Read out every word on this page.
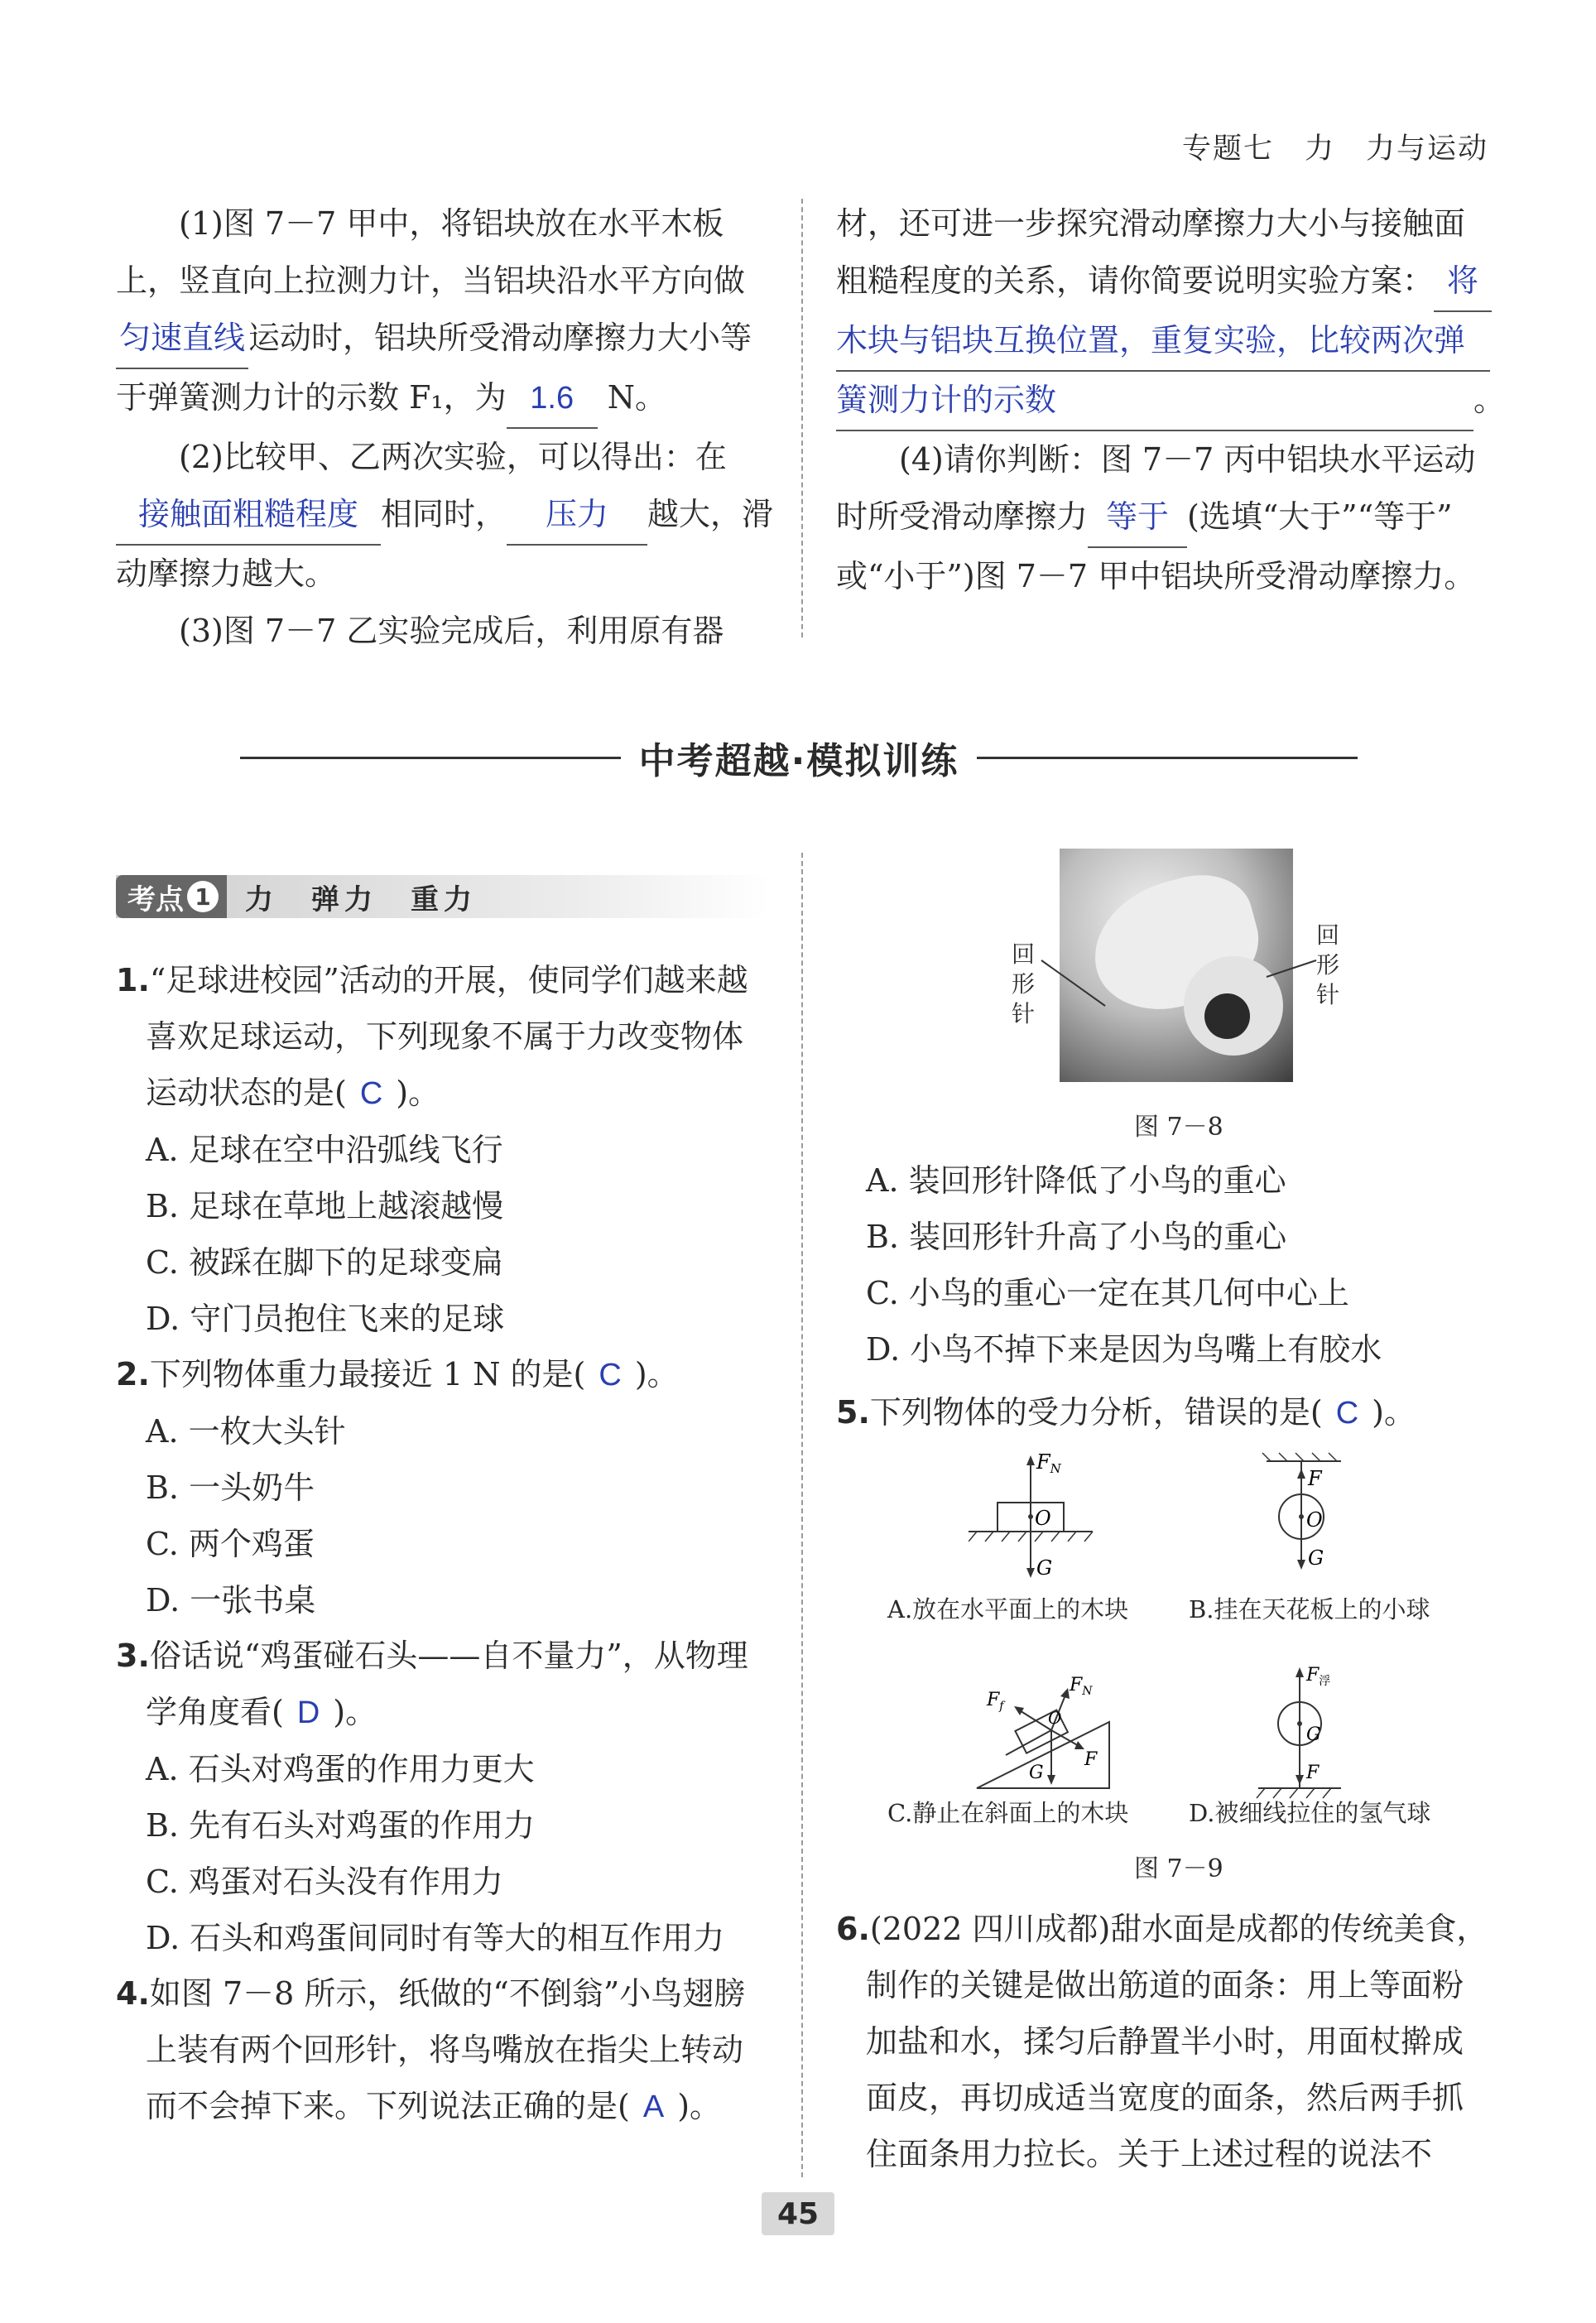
专题七　力　力与运动
(1)图 7－7 甲中，将铝块放在水平木板
上，竖直向上拉测力计，当铝块沿水平方向做
匀速直线 运动时，铝块所受滑动摩擦力大小等
于弹簧测力计的示数 F₁，为 1.6 N。
(2)比较甲、乙两次实验，可以得出：在
接触面粗糙程度 相同时， 压力 越大，滑
动摩擦力越大。
(3)图 7－7 乙实验完成后，利用原有器
材，还可进一步探究滑动摩擦力大小与接触面
粗糙程度的关系，请你简要说明实验方案： 将
木块与铝块互换位置，重复实验，比较两次弹
簧测力计的示数	。
(4)请你判断：图 7－7 丙中铝块水平运动
时所受滑动摩擦力 等于 (选填“大于”“等于”
或“小于”)图 7－7 甲中铝块所受滑动摩擦力。
中考超越·模拟训练
考点 1 力　弹力　重力
1.“足球进校园”活动的开展，使同学们越来越
喜欢足球运动，下列现象不属于力改变物体
运动状态的是( C )。
A. 足球在空中沿弧线飞行
B. 足球在草地上越滚越慢
C. 被踩在脚下的足球变扁
D. 守门员抱住飞来的足球
2.下列物体重力最接近 1 N 的是( C )。
A. 一枚大头针
B. 一头奶牛
C. 两个鸡蛋
D. 一张书桌
3.俗话说“鸡蛋碰石头——自不量力”，从物理
学角度看( D )。
A. 石头对鸡蛋的作用力更大
B. 先有石头对鸡蛋的作用力
C. 鸡蛋对石头没有作用力
D. 石头和鸡蛋间同时有等大的相互作用力
4.如图 7－8 所示，纸做的“不倒翁”小鸟翅膀
上装有两个回形针，将鸟嘴放在指尖上转动
而不会掉下来。下列说法正确的是( A )。
回形针
回形针
图 7－8
A. 装回形针降低了小鸟的重心
B. 装回形针升高了小鸟的重心
C. 小鸟的重心一定在其几何中心上
D. 小鸟不掉下来是因为鸟嘴上有胶水
5.下列物体的受力分析，错误的是( C )。
$F_N$
O
G
F
O
G
A.放在水平面上的木块	B.挂在天花板上的小球
$F_N$
$F_f$
O
G
F
$F_浮$
G
F
C.静止在斜面上的木块	D.被细线拉住的氢气球
图 7－9
6.(2022 四川成都)甜水面是成都的传统美食，
制作的关键是做出筋道的面条：用上等面粉
加盐和水，揉匀后静置半小时，用面杖擀成
面皮，再切成适当宽度的面条，然后两手抓
住面条用力拉长。关于上述过程的说法不
45
